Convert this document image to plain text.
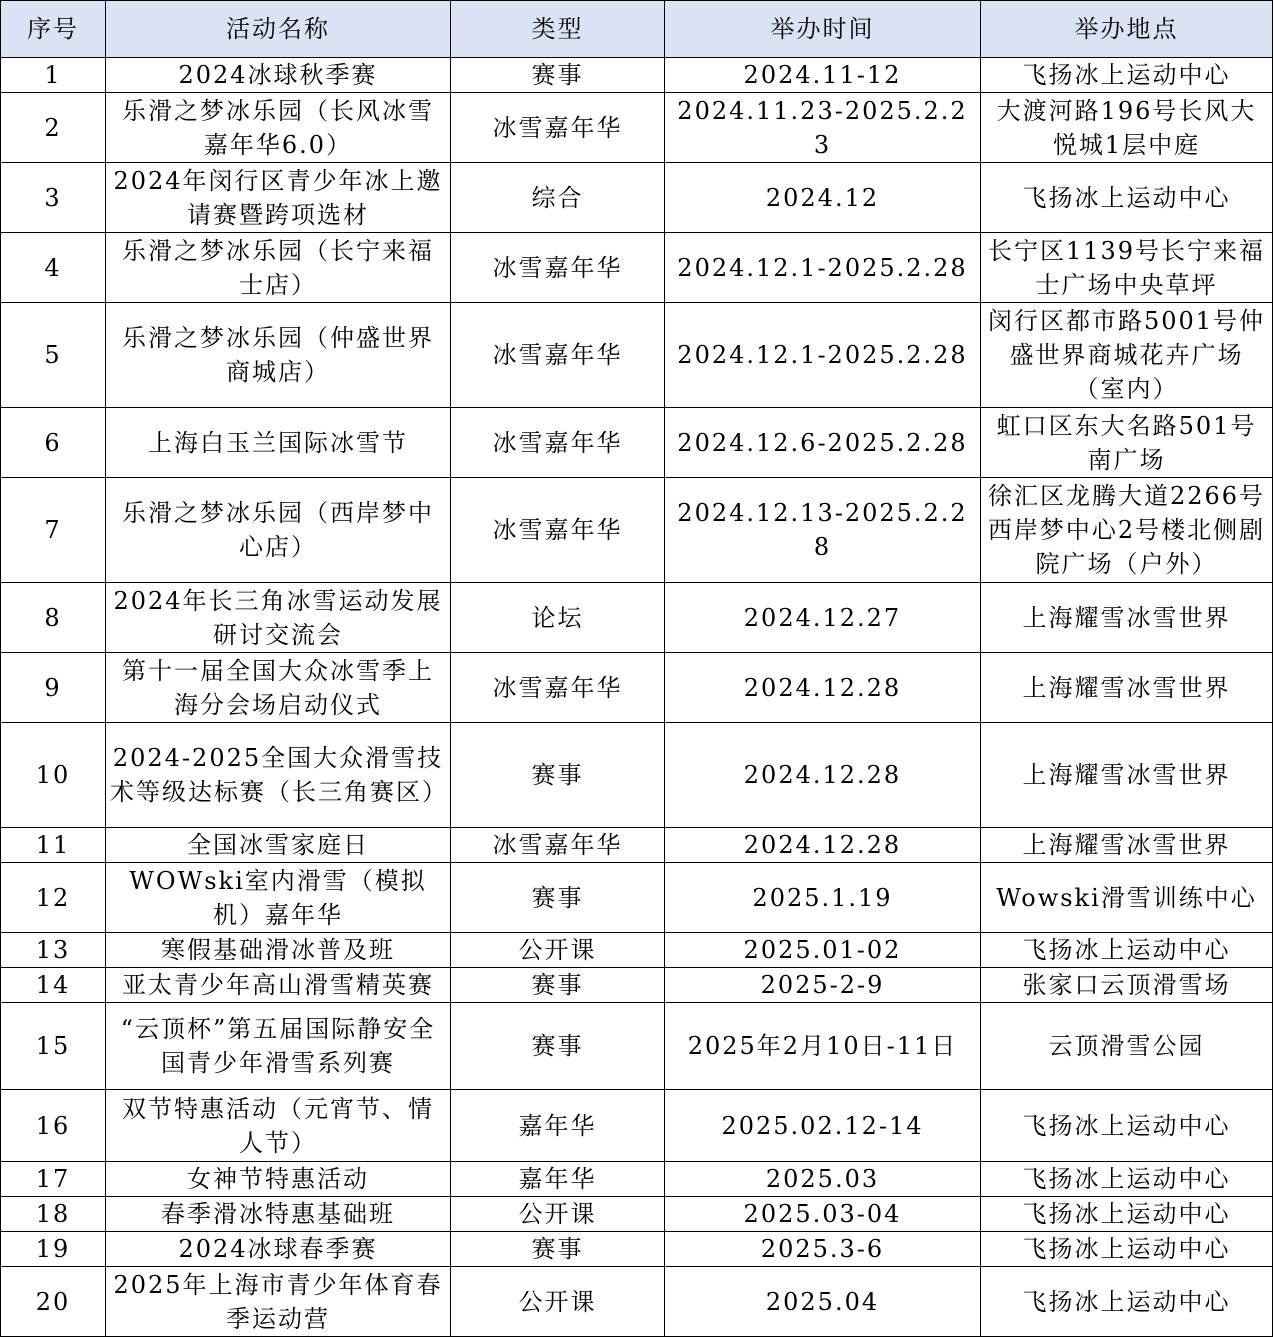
序号	活动名称	类型	举办时间	举办地点
1	2024冰球秋季赛	赛事	2024.11-12	飞扬冰上运动中心
2	乐滑之梦冰乐园（长风冰雪嘉年华6.0）	冰雪嘉年华	2024.11.23-2025.2.23	大渡河路196号长风大悦城1层中庭
3	2024年闵行区青少年冰上邀请赛暨跨项选材	综合	2024.12	飞扬冰上运动中心
4	乐滑之梦冰乐园（长宁来福士店）	冰雪嘉年华	2024.12.1-2025.2.28	长宁区1139号长宁来福士广场中央草坪
5	乐滑之梦冰乐园（仲盛世界商城店）	冰雪嘉年华	2024.12.1-2025.2.28	闵行区都市路5001号仲盛世界商城花卉广场（室内）
6	上海白玉兰国际冰雪节	冰雪嘉年华	2024.12.6-2025.2.28	虹口区东大名路501号南广场
7	乐滑之梦冰乐园（西岸梦中心店）	冰雪嘉年华	2024.12.13-2025.2.28	徐汇区龙腾大道2266号西岸梦中心2号楼北侧剧院广场（户外）
8	2024年长三角冰雪运动发展研讨交流会	论坛	2024.12.27	上海耀雪冰雪世界
9	第十一届全国大众冰雪季上海分会场启动仪式	冰雪嘉年华	2024.12.28	上海耀雪冰雪世界
10	2024-2025全国大众滑雪技术等级达标赛（长三角赛区）	赛事	2024.12.28	上海耀雪冰雪世界
11	全国冰雪家庭日	冰雪嘉年华	2024.12.28	上海耀雪冰雪世界
12	WOWski室内滑雪（模拟机）嘉年华	赛事	2025.1.19	Wowski滑雪训练中心
13	寒假基础滑冰普及班	公开课	2025.01-02	飞扬冰上运动中心
14	亚太青少年高山滑雪精英赛	赛事	2025-2-9	张家口云顶滑雪场
15	“云顶杯”第五届国际静安全国青少年滑雪系列赛	赛事	2025年2月10日-11日	云顶滑雪公园
16	双节特惠活动（元宵节、情人节）	嘉年华	2025.02.12-14	飞扬冰上运动中心
17	女神节特惠活动	嘉年华	2025.03	飞扬冰上运动中心
18	春季滑冰特惠基础班	公开课	2025.03-04	飞扬冰上运动中心
19	2024冰球春季赛	赛事	2025.3-6	飞扬冰上运动中心
20	2025年上海市青少年体育春季运动营	公开课	2025.04	飞扬冰上运动中心
